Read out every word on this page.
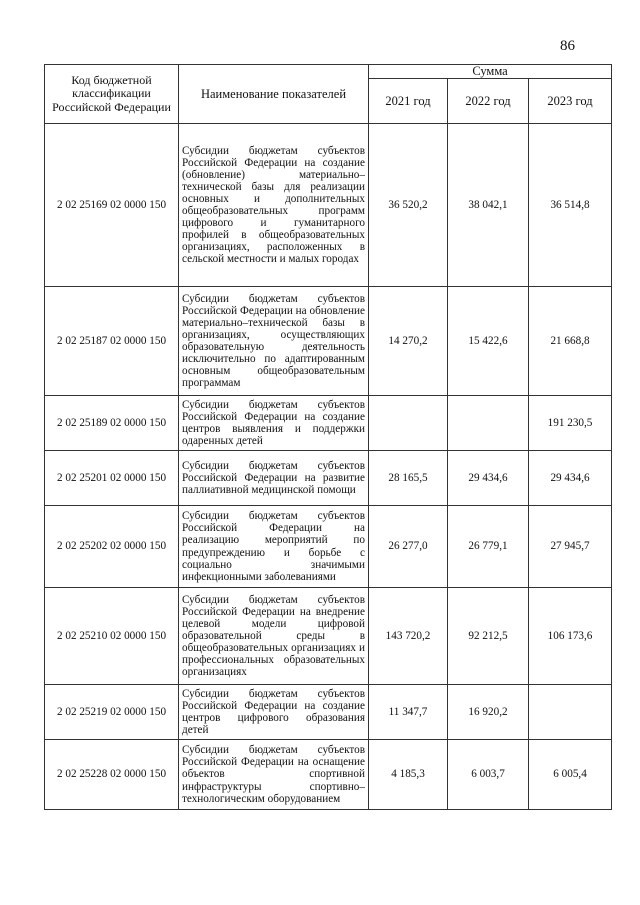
86
Код бюджетной классификации Российской Федерации	Наименование показателей	Сумма		
		2021 год	2022 год	2023 год
2 02 25169 02 0000 150	Субсидии бюджетам субъектов Российской Федерации на создание (обновление) материально–технической базы для реализации основных и дополнительных общеобразовательных программ цифрового и гуманитарного профилей в общеобразовательных организациях, расположенных в сельской местности и малых городах	36 520,2	38 042,1	36 514,8
2 02 25187 02 0000 150	Субсидии бюджетам субъектов Российской Федерации на обновление материально–технической базы в организациях, осуществляющих образовательную деятельность исключительно по адаптированным основным общеобразовательным программам	14 270,2	15 422,6	21 668,8
2 02 25189 02 0000 150	Субсидии бюджетам субъектов Российской Федерации на создание центров выявления и поддержки одаренных детей			191 230,5
2 02 25201 02 0000 150	Субсидии бюджетам субъектов Российской Федерации на развитие паллиативной медицинской помощи	28 165,5	29 434,6	29 434,6
2 02 25202 02 0000 150	Субсидии бюджетам субъектов Российской Федерации на реализацию мероприятий по предупреждению и борьбе с социально значимыми инфекционными заболеваниями	26 277,0	26 779,1	27 945,7
2 02 25210 02 0000 150	Субсидии бюджетам субъектов Российской Федерации на внедрение целевой модели цифровой образовательной среды в общеобразовательных организациях и профессиональных образовательных организациях	143 720,2	92 212,5	106 173,6
2 02 25219 02 0000 150	Субсидии бюджетам субъектов Российской Федерации на создание центров цифрового образования детей	11 347,7	16 920,2	
2 02 25228 02 0000 150	Субсидии бюджетам субъектов Российской Федерации на оснащение объектов спортивной инфраструктуры спортивно–технологическим оборудованием	4 185,3	6 003,7	6 005,4
